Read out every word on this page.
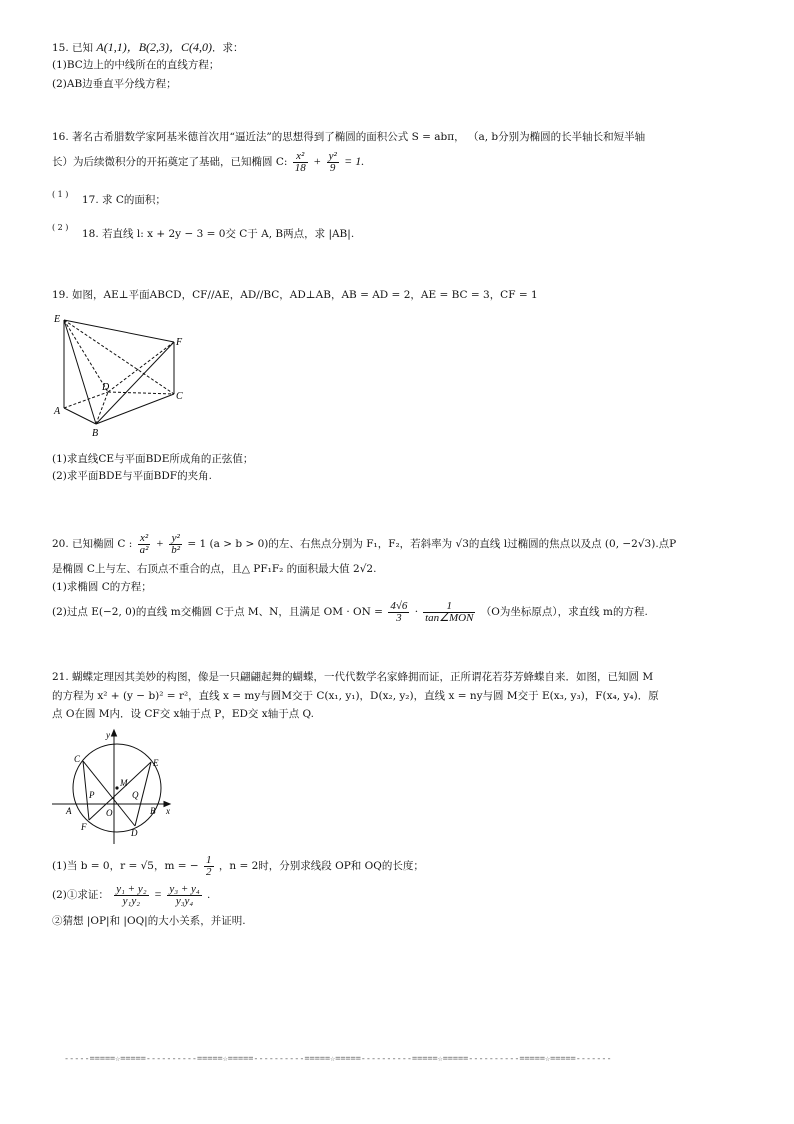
15. 已知 A(1,1)，B(2,3)，C(4,0)．求：
(1)BC边上的中线所在的直线方程；
(2)AB边垂直平分线方程；
16. 著名古希腊数学家阿基米德首次用“逼近法”的思想得到了椭圆的面积公式 S = abπ， （a, b分别为椭圆的长半轴长和短半轴
长）为后续微积分的开拓奠定了基础，已知椭圆 C: $\frac{\text{x²}}{18} + \frac{\text{y²}}{9} = 1$.
( 1 ) 17. 求 C的面积；
( 2 )
18. 若直线 l: x + 2y − 3 = 0交 C于 A, B两点，求 |AB|.
19. 如图，AE⊥平面ABCD，CF//AE，AD//BC，AD⊥AB，AB = AD = 2，AE = BC = 3，CF = 1
E
F
D
C
A
B
(1)求直线CE与平面BDE所成角的正弦值；
(2)求平面BDE与平面BDF的夹角.
20. 已知椭圆 C : $\frac{\text{x²}}{\text{a²}} + \frac{\text{y²}}{\text{b²}} = 1$ (a > b > 0)的左、右焦点分别为 F₁，F₂，若斜率为 √3的直线 l过椭圆的焦点以及点 (0, −2√3).点P
是椭圆 C上与左、右顶点不重合的点，且△ PF₁F₂ 的面积最大值 2√2.
(1)求椭圆 C的方程；
(2)过点 E(−2, 0)的直线 m交椭圆 C于点 M、N，且满足 OM · ON = $\frac{4√6}{3} \cdot \frac{1}{\text{tan∠MON}} (O$为坐标原点），求直线 m的方程.
21. 蝴蝶定理因其美妙的构图，像是一只翩翩起舞的蝴蝶，一代代数学名家蜂拥而证，正所谓花若芬芳蜂蝶自来．如图，已知圆 M
的方程为 x² + (y − b)² = r²，直线 x = my与圆M交于 C(x₁, y₁)，D(x₂, y₂)，直线 x = ny与圆 M交于 E(x₃, y₃)，F(x₄, y₄)．原
点 O在圆 M内．设 CF交 x轴于点 P，ED交 x轴于点 Q.
y
C	E
M
P	Q
A	O	B x
F
D
(1)当 b = 0，r = √5，m = − $\frac{1}{2}$ ，n = 2时，分别求线段 OP和 OQ的长度；
(2)①求证： $\frac{\text{y₁ + y₂}}{\text{y₁y₂}} = \frac{\text{y₃ + y₄}}{\text{y₃y₄}}$ .
②猜想 |OP|和 |OQ|的大小关系，并证明.
-----=====☆=====----------=====☆=====----------=====☆=====----------=====☆=====----------=====☆=====-------
